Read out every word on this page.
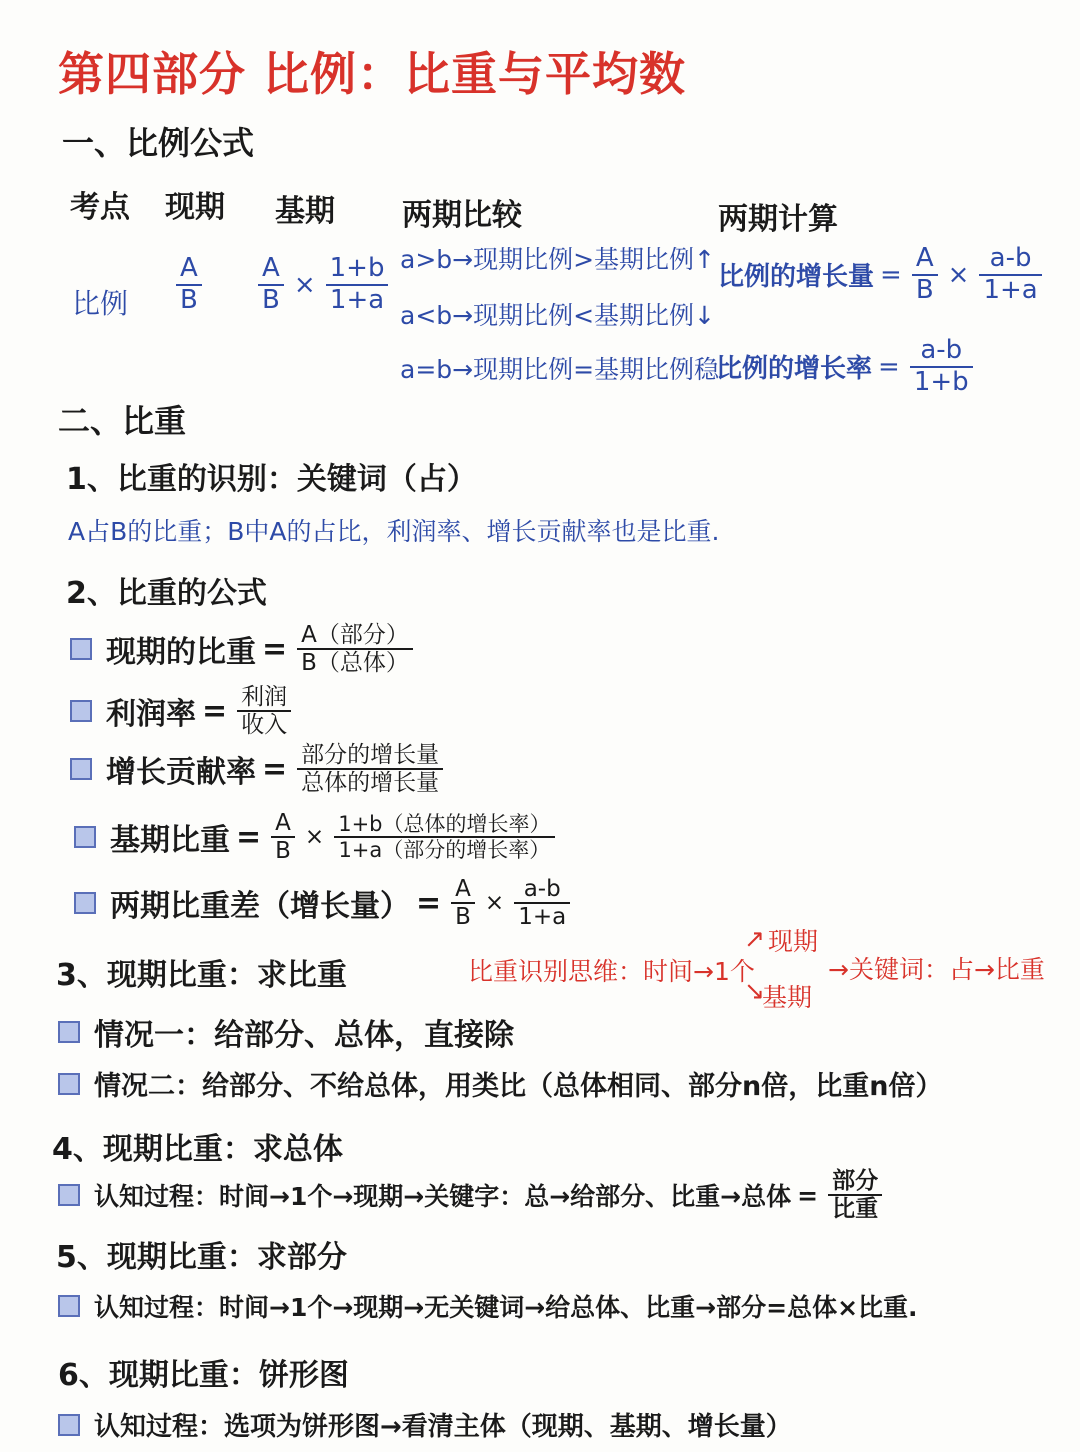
第四部分 比例：比重与平均数
一、比例公式
考点 现期 基期 两期比较	两期计算
比例 $\frac{A}{B} \frac{A}{B} \times \frac{1+b}{1+a} a>b\to$现期比例>基期比例↑
a<b→现期比例<基期比例↓
a=b→现期比例=基期比例稳
比例的增长量 = $\frac{A}{B} \times \frac{a-b}{1+a}$
比例的增长率 = $\frac{a-b}{1+b}$
二、比重
1、比重的识别：关键词（占）
A占B的比重；B中A的占比，利润率、增长贡献率也是比重.
2、比重的公式
现期的比重 = $\frac{\text{A（部分）}}{\text{B（总体）}}$
利润率 = $\frac{\text{利润}}{\text{收入}}$
增长贡献率 = $\frac{\text{部分的增长量}}{\text{总体的增长量}}$
基期比重 = $\frac{A}{B} \times \frac{\text{1+b（总体的增长率）}}{\text{1+a（部分的增长率）}}$
两期比重差（增长量） = $\frac{A}{B} \times \frac{a-b}{1+a}$
3、现期比重：求比重	比重识别思维：时间→1个
↗ 现期
↘
基期
→关键词：占→比重
情况一：给部分、总体，直接除
情况二：给部分、不给总体，用类比（总体相同、部分n倍，比重n倍）
4、现期比重：求总体
认知过程：时间→1个→现期→关键字：总→给部分、比重→总体 = $\frac{\text{部分}}{\text{比重}}$
5、现期比重：求部分
认知过程：时间→1个→现期→无关键词→给总体、比重→部分=总体×比重.
6、现期比重：饼形图
认知过程：选项为饼形图→看清主体（现期、基期、增长量）
